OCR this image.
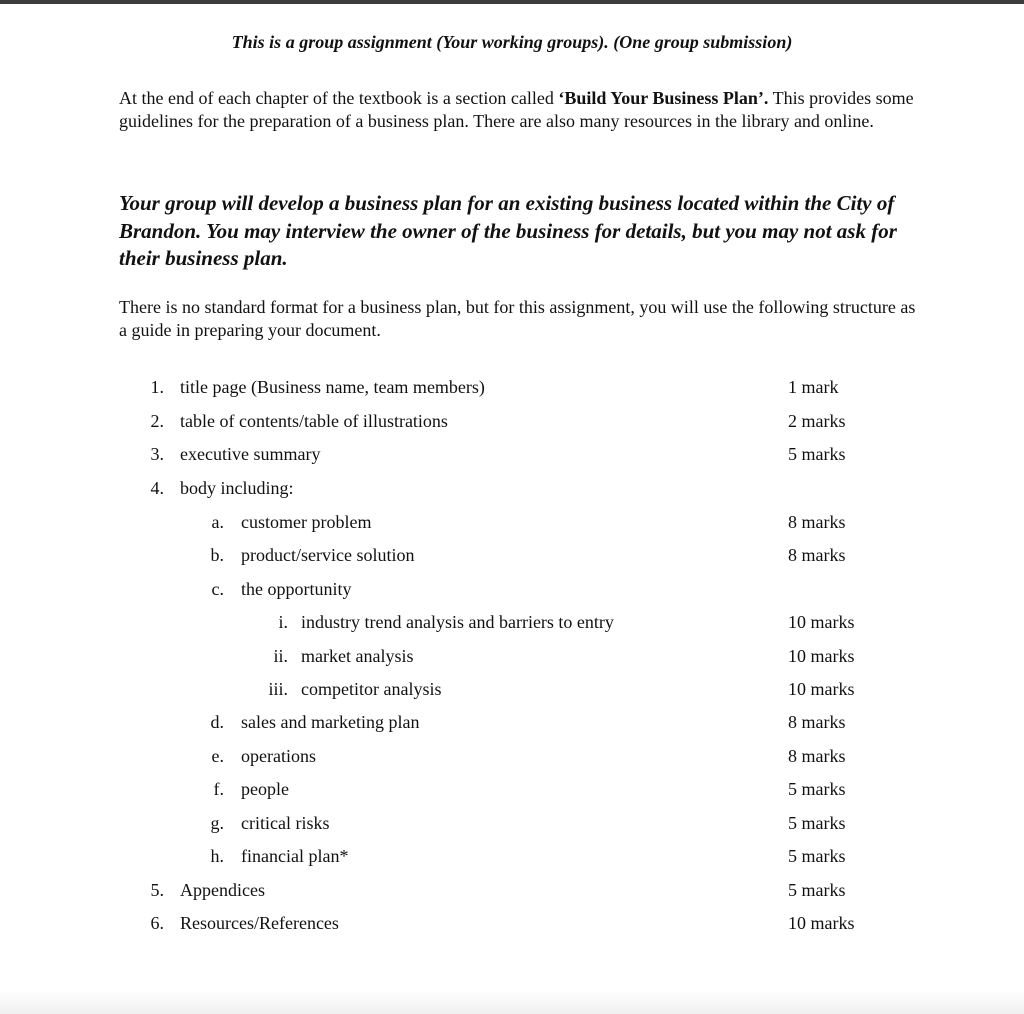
This is a group assignment (Your working groups). (One group submission)
At the end of each chapter of the textbook is a section called ‘Build Your Business Plan’. This provides some guidelines for the preparation of a business plan. There are also many resources in the library and online.
Your group will develop a business plan for an existing business located within the City of Brandon. You may interview the owner of the business for details, but you may not ask for their business plan.
There is no standard format for a business plan, but for this assignment, you will use the following structure as a guide in preparing your document.
1. title page (Business name, team members)	1 mark
2. table of contents/table of illustrations	2 marks
3. executive summary	5 marks
4. body including:
a. customer problem	8 marks
b. product/service solution	8 marks
c. the opportunity
i. industry trend analysis and barriers to entry	10 marks
ii. market analysis	10 marks
iii. competitor analysis	10 marks
d. sales and marketing plan	8 marks
e. operations	8 marks
f. people	5 marks
g. critical risks	5 marks
h. financial plan*	5 marks
5. Appendices	5 marks
6. Resources/References	10 marks
